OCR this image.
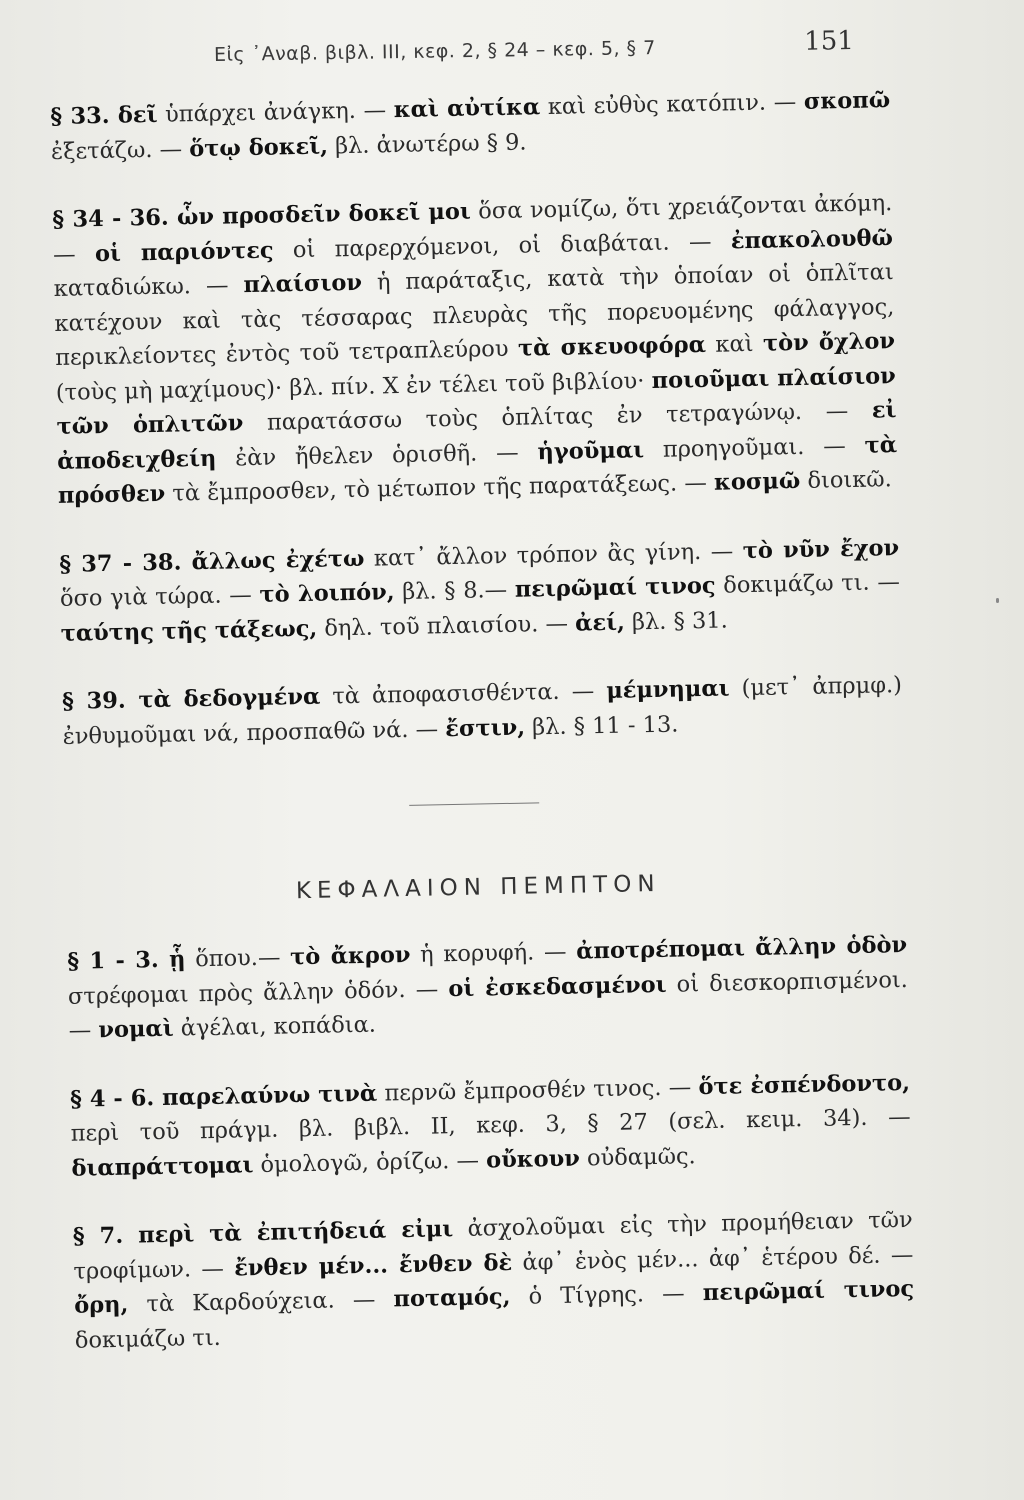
Εἰς ᾿Αναβ. βιβλ. ΙΙΙ, κεφ. 2, § 24 – κεφ. 5, § 7	151

§ 33. δεῖ ὑπάρχει ἀνάγκη. — καὶ αὐτίκα καὶ εὐθὺς κατόπιν. — σκοπῶ ἐξετάζω. — ὅτῳ δοκεῖ, βλ. ἀνωτέρω § 9.

§ 34 - 36. ὧν προσδεῖν δοκεῖ μοι ὅσα νομίζω, ὅτι χρειάζονται ἀκόμη. — οἱ παριόντες οἱ παρερχόμενοι, οἱ διαβάται. — ἐπακολουθῶ καταδιώκω. — πλαίσιον ἡ παράταξις, κατὰ τὴν ὁποίαν οἱ ὁπλῖται κατέχουν καὶ τὰς τέσσαρας πλευρὰς τῆς πορευομένης φάλαγγος, περικλείοντες ἐντὸς τοῦ τετραπλεύρου τὰ σκευοφόρα καὶ τὸν ὄχλον (τοὺς μὴ μαχίμους)· βλ. πίν. Χ ἐν τέλει τοῦ βιβλίου· ποιοῦμαι πλαίσιον τῶν ὁπλιτῶν παρατάσσω τοὺς ὁπλίτας ἐν τετραγώνῳ. — εἰ ἀποδειχθείη ἐὰν ἤθελεν ὁρισθῆ. — ἡγοῦμαι προηγοῦμαι. — τὰ πρόσθεν τὰ ἔμπροσθεν, τὸ μέτωπον τῆς παρατάξεως. — κοσμῶ διοικῶ.

§ 37 - 38. ἄλλως ἐχέτω κατ᾿ ἄλλον τρόπον ἂς γίνη. — τὸ νῦν ἔχον ὅσο γιὰ τώρα. — τὸ λοιπόν, βλ. § 8.— πειρῶμαί τινος δοκιμάζω τι. — ταύτης τῆς τάξεως, δηλ. τοῦ πλαισίου. — ἀεί, βλ. § 31.

§ 39. τὰ δεδογμένα τὰ ἀποφασισθέντα. — μέμνημαι (μετ᾿ ἀπρμφ.) ἐνθυμοῦμαι νά, προσπαθῶ νά. — ἔστιν, βλ. § 11 - 13.

ΚΕΦΑΛΑΙΟΝ ΠΕΜΠΤΟΝ

§ 1 - 3. ᾗ ὅπου.— τὸ ἄκρον ἡ κορυφή. — ἀποτρέπομαι ἄλλην ὁδὸν στρέφομαι πρὸς ἄλλην ὁδόν. — οἱ ἐσκεδασμένοι οἱ διεσκορπισμένοι. — νομαὶ ἀγέλαι, κοπάδια.

§ 4 - 6. παρελαύνω τινὰ περνῶ ἔμπροσθέν τινος. — ὅτε ἐσπένδοντο, περὶ τοῦ πράγμ. βλ. βιβλ. ΙΙ, κεφ. 3, § 27 (σελ. κειμ. 34). — διαπράττομαι ὁμολογῶ, ὁρίζω. — οὔκουν οὐδαμῶς.

§ 7. περὶ τὰ ἐπιτήδειά εἰμι ἀσχολοῦμαι εἰς τὴν προμήθειαν τῶν τροφίμων. — ἔνθεν μέν... ἔνθεν δὲ ἀφ᾿ ἑνὸς μέν... ἀφ᾿ ἑτέρου δέ. — ὄρη, τὰ Καρδούχεια. — ποταμός, ὁ Τίγρης. — πειρῶμαί τινος δοκιμάζω τι.
